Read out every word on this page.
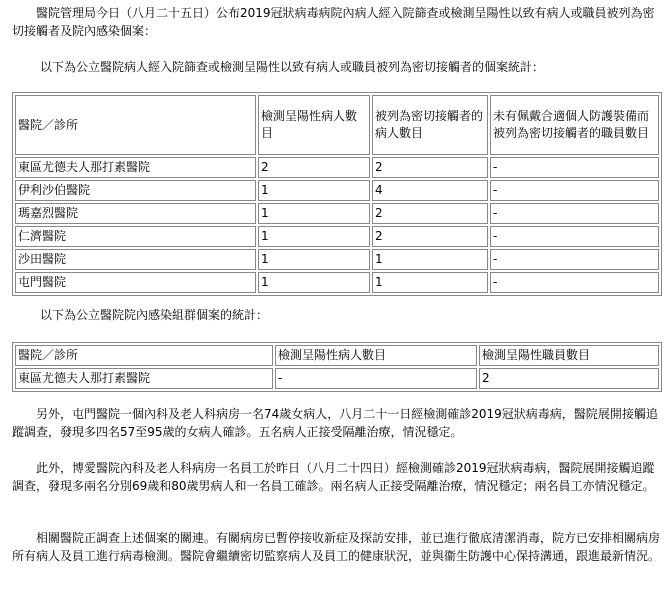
醫院管理局今日（八月二十五日）公布2019冠狀病毒病院內病人經入院篩查或檢測呈陽性以致有病人或職員被列為密切接觸者及院內感染個案：

以下為公立醫院病人經入院篩查或檢測呈陽性以致有病人或職員被列為密切接觸者的個案統計：

醫院／診所	檢測呈陽性病人數目	被列為密切接觸者的病人數目	未有佩戴合適個人防護裝備而被列為密切接觸者的職員數目
東區尤德夫人那打素醫院	2	2	-
伊利沙伯醫院	1	4	-
瑪嘉烈醫院	1	2	-
仁濟醫院	1	2	-
沙田醫院	1	1	-
屯門醫院	1	1	-

以下為公立醫院院內感染組群個案的統計：

醫院／診所	檢測呈陽性病人數目	檢測呈陽性職員數目
東區尤德夫人那打素醫院	-	2

另外，屯門醫院一個內科及老人科病房一名74歲女病人，八月二十一日經檢測確診2019冠狀病毒病，醫院展開接觸追蹤調查，發現多四名57至95歲的女病人確診。五名病人正接受隔離治療，情況穩定。

此外，博愛醫院內科及老人科病房一名員工於昨日（八月二十四日）經檢測確診2019冠狀病毒病，醫院展開接觸追蹤調查，發現多兩名分別69歲和80歲男病人和一名員工確診。兩名病人正接受隔離治療，情況穩定；兩名員工亦情況穩定。

相關醫院正調查上述個案的關連。有關病房已暫停接收新症及探訪安排，並已進行徹底清潔消毒，院方已安排相關病房所有病人及員工進行病毒檢測。醫院會繼續密切監察病人及員工的健康狀況，並與衞生防護中心保持溝通，跟進最新情況。
